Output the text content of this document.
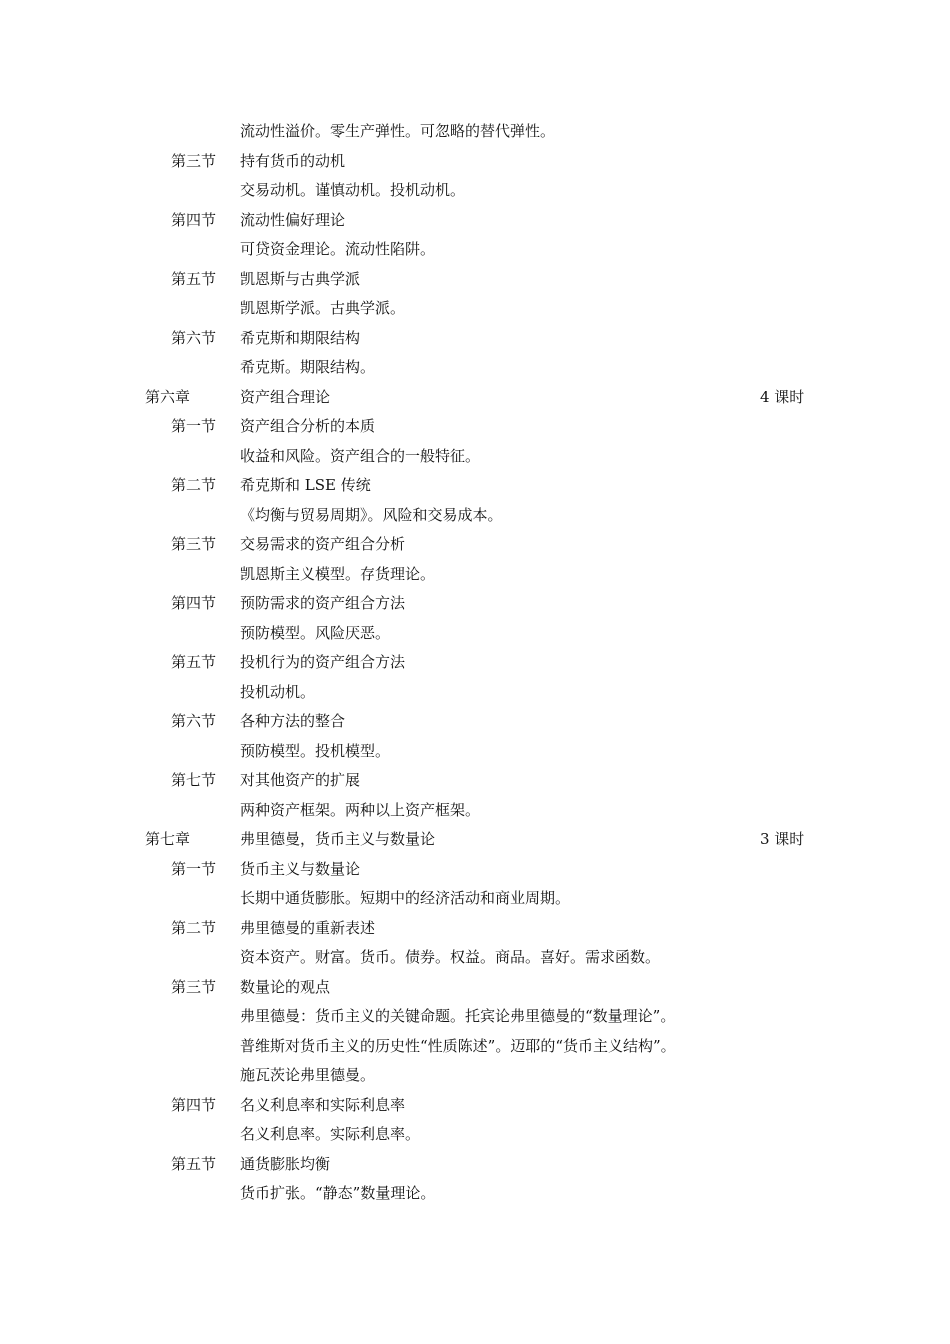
流动性溢价。零生产弹性。可忽略的替代弹性。
第三节 持有货币的动机
交易动机。谨慎动机。投机动机。
第四节 流动性偏好理论
可贷资金理论。流动性陷阱。
第五节 凯恩斯与古典学派
凯恩斯学派。古典学派。
第六节 希克斯和期限结构
希克斯。期限结构。
第六章	资产组合理论	4 课时
第一节 资产组合分析的本质
收益和风险。资产组合的一般特征。
第二节 希克斯和 LSE 传统
《均衡与贸易周期》。风险和交易成本。
第三节 交易需求的资产组合分析
凯恩斯主义模型。存货理论。
第四节 预防需求的资产组合方法
预防模型。风险厌恶。
第五节 投机行为的资产组合方法
投机动机。
第六节 各种方法的整合
预防模型。投机模型。
第七节 对其他资产的扩展
两种资产框架。两种以上资产框架。
第七章	弗里德曼，货币主义与数量论	3 课时
第一节 货币主义与数量论
长期中通货膨胀。短期中的经济活动和商业周期。
第二节 弗里德曼的重新表述
资本资产。财富。货币。债券。权益。商品。喜好。需求函数。
第三节 数量论的观点
弗里德曼：货币主义的关键命题。托宾论弗里德曼的“数量理论”。
普维斯对货币主义的历史性“性质陈述”。迈耶的“货币主义结构”。
施瓦茨论弗里德曼。
第四节 名义利息率和实际利息率
名义利息率。实际利息率。
第五节 通货膨胀均衡
货币扩张。“静态”数量理论。
